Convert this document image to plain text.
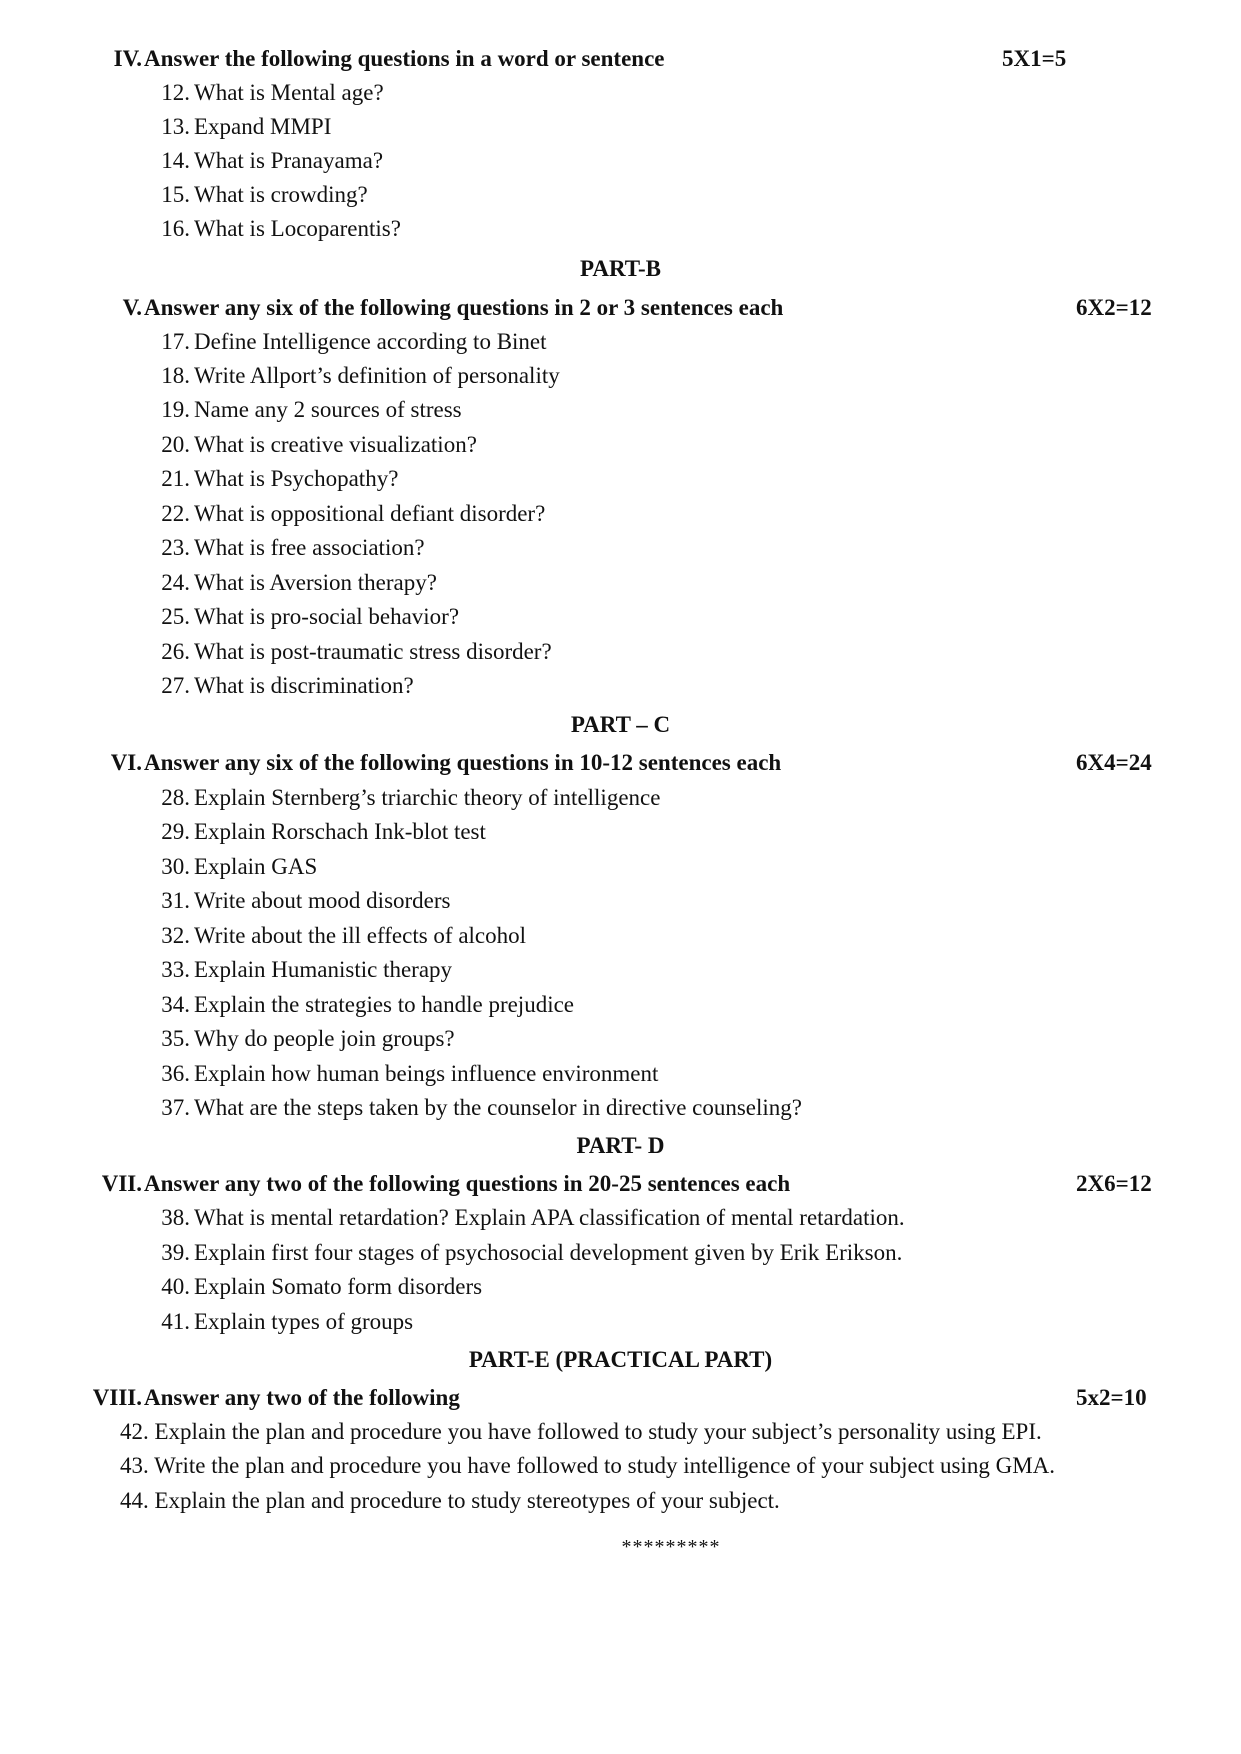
IV. Answer the following questions in a word or sentence	5X1=5
12. What is Mental age?
13. Expand MMPI
14. What is Pranayama?
15. What is crowding?
16. What is Locoparentis?
PART-B
V. Answer any six of the following questions in 2 or 3 sentences each	6X2=12
17. Define Intelligence according to Binet
18. Write Allport’s definition of personality
19. Name any 2 sources of stress
20. What is creative visualization?
21. What is Psychopathy?
22. What is oppositional defiant disorder?
23. What is free association?
24. What is Aversion therapy?
25. What is pro-social behavior?
26. What is post-traumatic stress disorder?
27. What is discrimination?
PART – C
VI. Answer any six of the following questions in 10-12 sentences each	6X4=24
28. Explain Sternberg’s triarchic theory of intelligence
29. Explain Rorschach Ink-blot test
30. Explain GAS
31. Write about mood disorders
32. Write about the ill effects of alcohol
33. Explain Humanistic therapy
34. Explain the strategies to handle prejudice
35. Why do people join groups?
36. Explain how human beings influence environment
37. What are the steps taken by the counselor in directive counseling?
PART- D
VII. Answer any two of the following questions in 20-25 sentences each	2X6=12
38. What is mental retardation? Explain APA classification of mental retardation.
39. Explain first four stages of psychosocial development given by Erik Erikson.
40. Explain Somato form disorders
41. Explain types of groups
PART-E (PRACTICAL PART)
VIII. Answer any two of the following	5x2=10
42. Explain the plan and procedure you have followed to study your subject’s personality using EPI.
43. Write the plan and procedure you have followed to study intelligence of your subject using GMA.
44. Explain the plan and procedure to study stereotypes of your subject.
*********
